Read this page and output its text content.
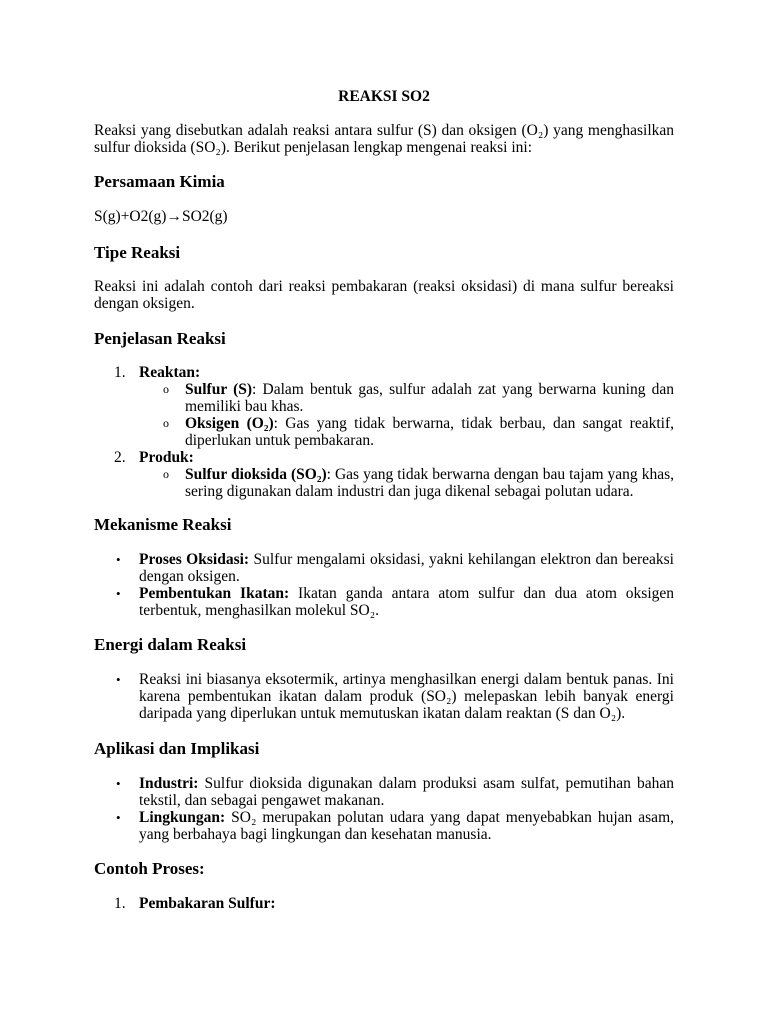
REAKSI SO2

Reaksi yang disebutkan adalah reaksi antara sulfur (S) dan oksigen (O₂) yang menghasilkan sulfur dioksida (SO₂). Berikut penjelasan lengkap mengenai reaksi ini:

Persamaan Kimia
S(g)+O2(g)→SO2(g)
Tipe Reaksi

Reaksi ini adalah contoh dari reaksi pembakaran (reaksi oksidasi) di mana sulfur bereaksi dengan oksigen.

Penjelasan Reaksi
1. Reaktan:
o Sulfur (S): Dalam bentuk gas, sulfur adalah zat yang berwarna kuning dan memiliki bau khas.
o Oksigen (O₂): Gas yang tidak berwarna, tidak berbau, dan sangat reaktif, diperlukan untuk pembakaran.
2. Produk:
o Sulfur dioksida (SO₂): Gas yang tidak berwarna dengan bau tajam yang khas, sering digunakan dalam industri dan juga dikenal sebagai polutan udara.
Mekanisme Reaksi
• Proses Oksidasi: Sulfur mengalami oksidasi, yakni kehilangan elektron dan bereaksi dengan oksigen.
• Pembentukan Ikatan: Ikatan ganda antara atom sulfur dan dua atom oksigen terbentuk, menghasilkan molekul SO₂.
Energi dalam Reaksi
• Reaksi ini biasanya eksotermik, artinya menghasilkan energi dalam bentuk panas. Ini karena pembentukan ikatan dalam produk (SO₂) melepaskan lebih banyak energi daripada yang diperlukan untuk memutuskan ikatan dalam reaktan (S dan O₂).
Aplikasi dan Implikasi
• Industri: Sulfur dioksida digunakan dalam produksi asam sulfat, pemutihan bahan tekstil, dan sebagai pengawet makanan.
• Lingkungan: SO₂ merupakan polutan udara yang dapat menyebabkan hujan asam, yang berbahaya bagi lingkungan dan kesehatan manusia.
Contoh Proses:
1. Pembakaran Sulfur:
